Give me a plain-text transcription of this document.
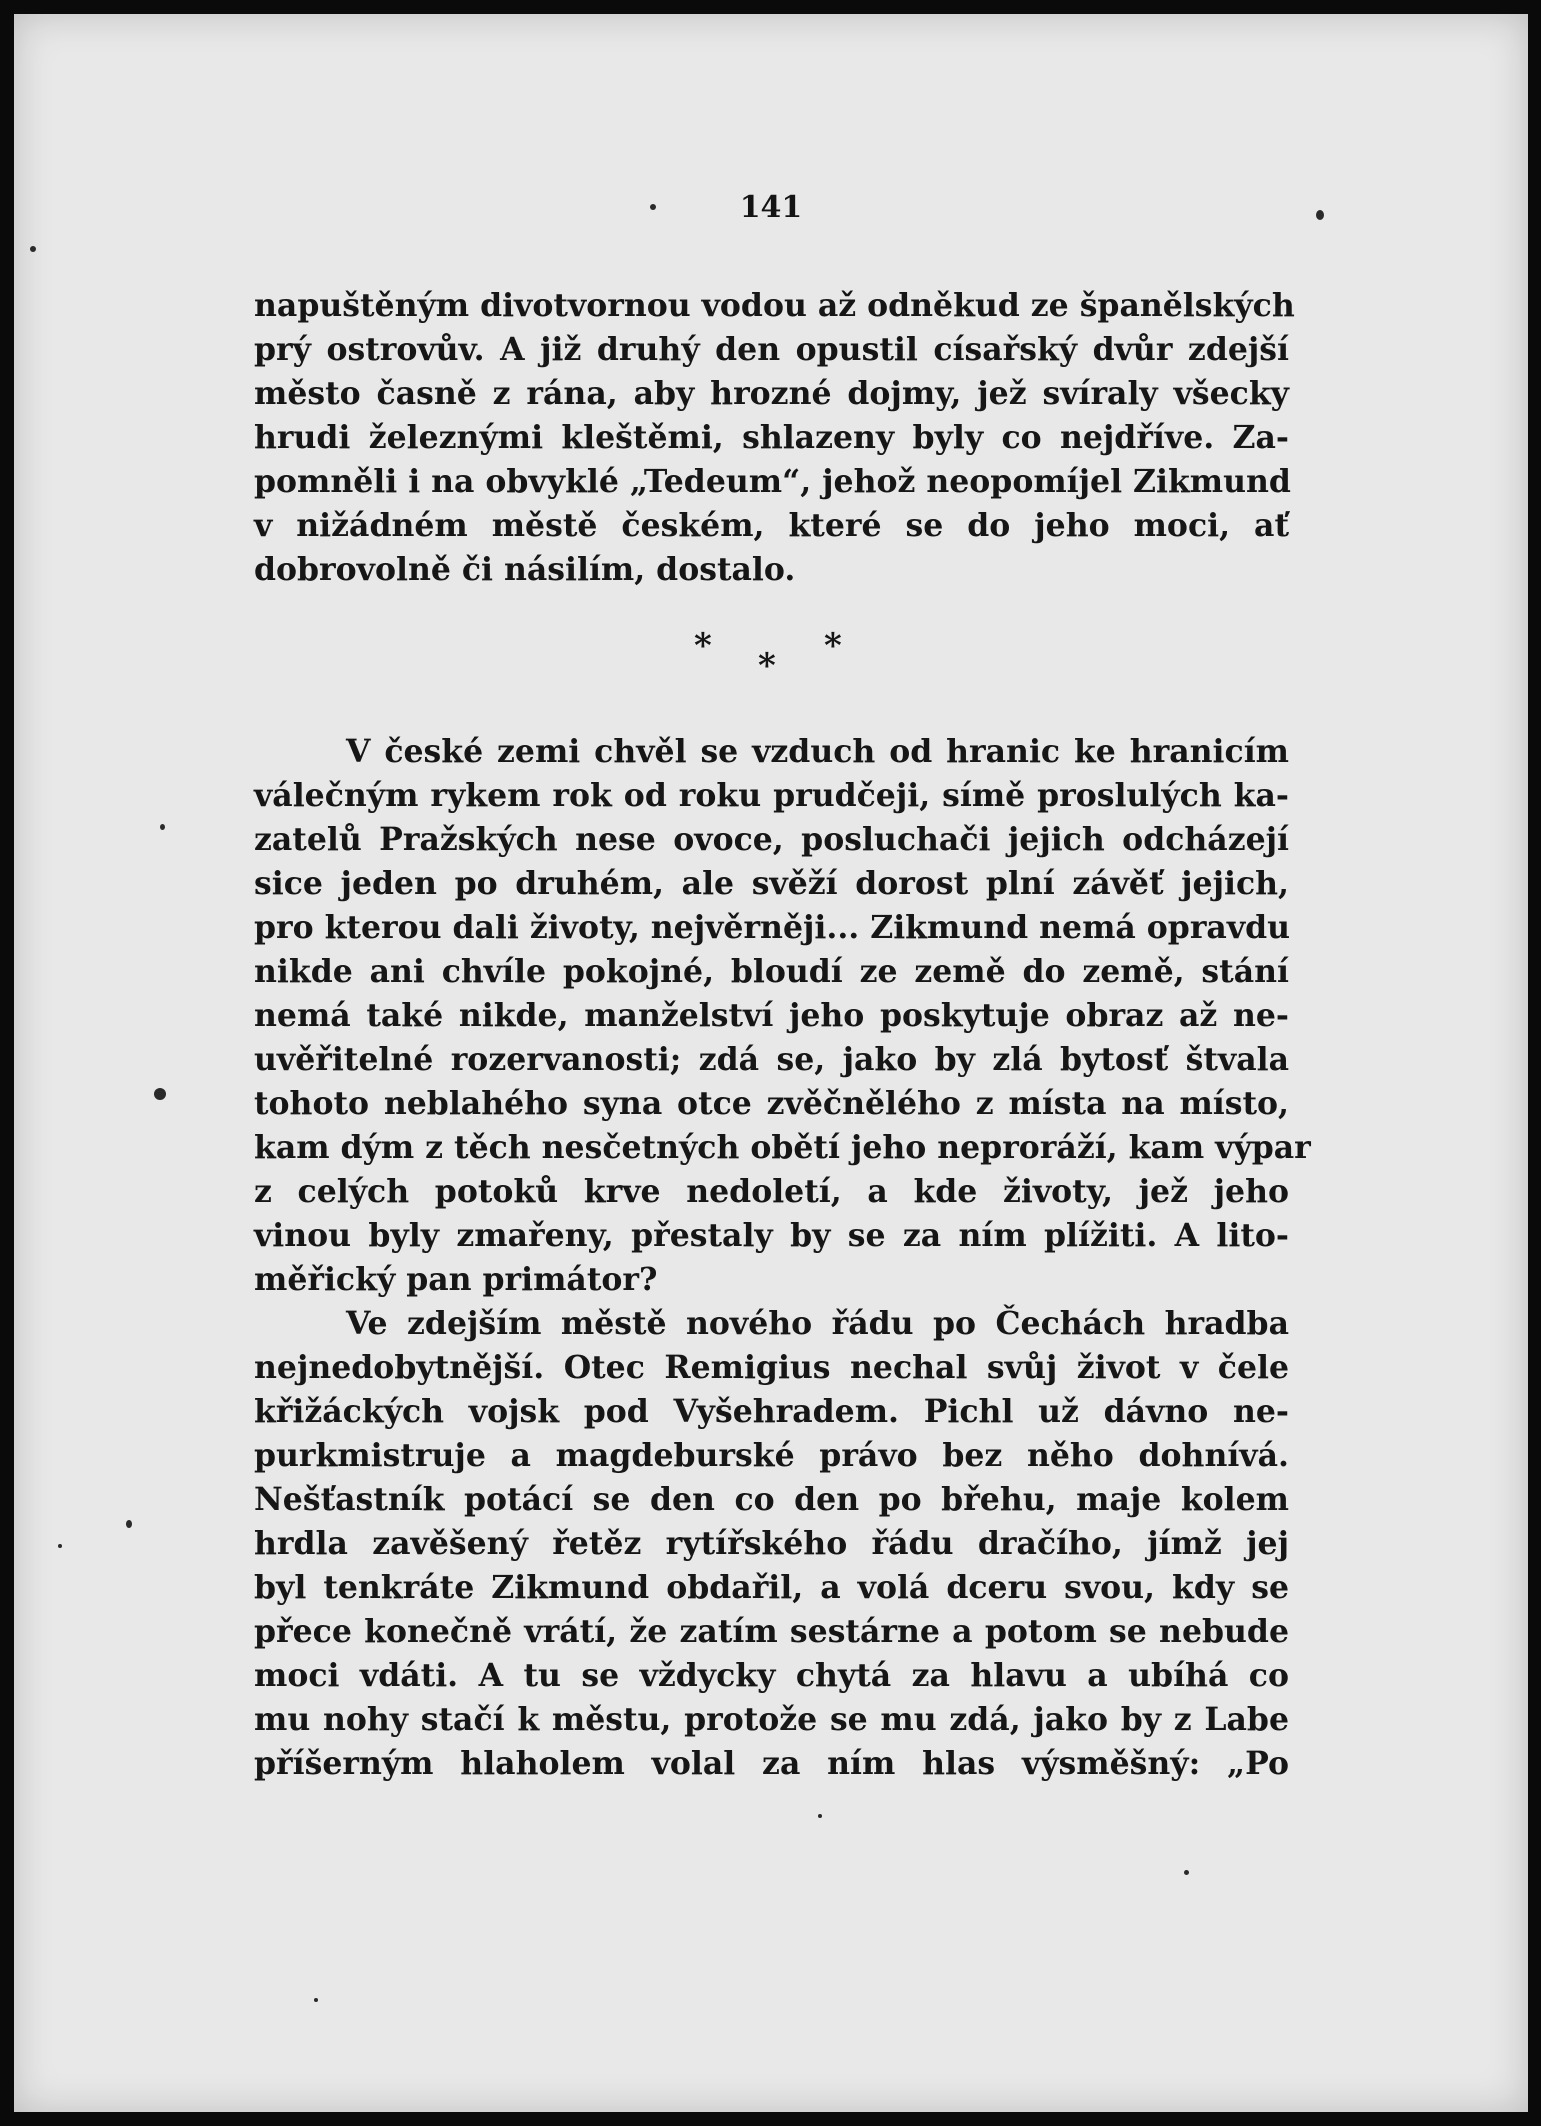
141
napuštěným divotvornou vodou až odněkud ze španělských
prý ostrovův. A již druhý den opustil císařský dvůr zdejší
město časně z rána, aby hrozné dojmy, jež svíraly všecky
hrudi železnými kleštěmi, shlazeny byly co nejdříve. Za-
pomněli i na obvyklé „Tedeum“, jehož neopomíjel Zikmund
v nižádném městě českém, které se do jeho moci, ať
dobrovolně či násilím, dostalo.
* * *
V české zemi chvěl se vzduch od hranic ke hranicím
válečným rykem rok od roku prudčeji, símě proslulých ka-
zatelů Pražských nese ovoce, posluchači jejich odcházejí
sice jeden po druhém, ale svěží dorost plní závěť jejich,
pro kterou dali životy, nejvěrněji... Zikmund nemá opravdu
nikde ani chvíle pokojné, bloudí ze země do země, stání
nemá také nikde, manželství jeho poskytuje obraz až ne-
uvěřitelné rozervanosti; zdá se, jako by zlá bytosť štvala
tohoto neblahého syna otce zvěčnělého z místa na místo,
kam dým z těch nesčetných obětí jeho neproráží, kam výpar
z celých potoků krve nedoletí, a kde životy, jež jeho
vinou byly zmařeny, přestaly by se za ním plížiti. A lito-
měřický pan primátor?
Ve zdejším městě nového řádu po Čechách hradba
nejnedobytnější. Otec Remigius nechal svůj život v čele
křižáckých vojsk pod Vyšehradem. Pichl už dávno ne-
purkmistruje a magdeburské právo bez něho dohnívá.
Nešťastník potácí se den co den po břehu, maje kolem
hrdla zavěšený řetěz rytířského řádu dračího, jímž jej
byl tenkráte Zikmund obdařil, a volá dceru svou, kdy se
přece konečně vrátí, že zatím sestárne a potom se nebude
moci vdáti. A tu se vždycky chytá za hlavu a ubíhá co
mu nohy stačí k městu, protože se mu zdá, jako by z Labe
příšerným hlaholem volal za ním hlas výsměšný: „Po
